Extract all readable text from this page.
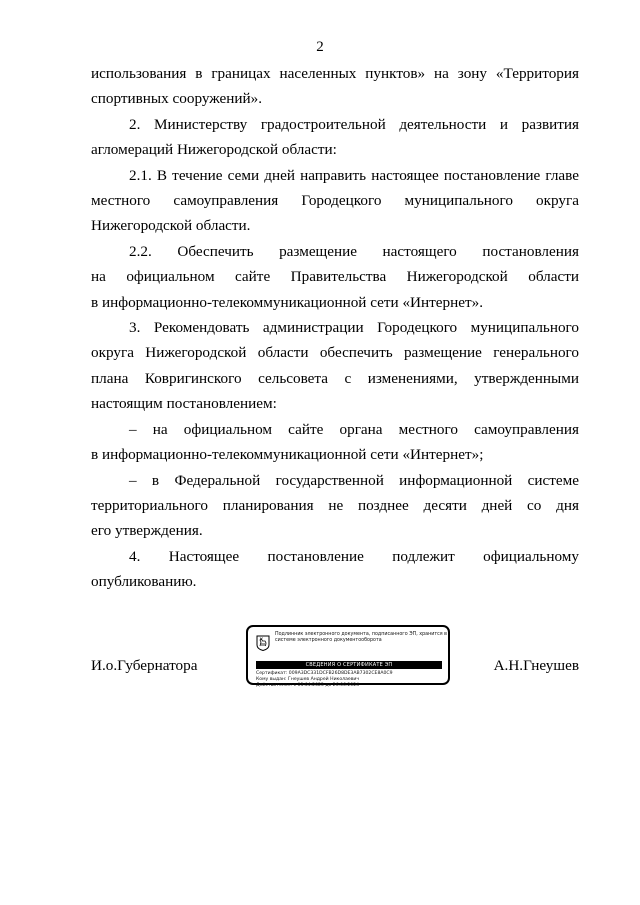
2
использования в границах населенных пунктов» на зону «Территория
спортивных сооружений».
2. Министерству градостроительной деятельности и развития
агломераций Нижегородской области:
2.1. В течение семи дней направить настоящее постановление главе
местного самоуправления Городецкого муниципального округа
Нижегородской области.
2.2. Обеспечить размещение настоящего постановления
на официальном сайте Правительства Нижегородской области
в информационно-телекоммуникационной сети «Интернет».
3. Рекомендовать администрации Городецкого муниципального
округа Нижегородской области обеспечить размещение генерального
плана Ковригинского сельсовета с изменениями, утвержденными
настоящим постановлением:
– на официальном сайте органа местного самоуправления
в информационно-телекоммуникационной сети «Интернет»;
– в Федеральной государственной информационной системе
территориального планирования не позднее десяти дней со дня
его утверждения.
4. Настоящее постановление подлежит официальному
опубликованию.
И.о.Губернатора	А.Н.Гнеушев
Подлинник электронного документа, подписанного ЭП, хранится в системе электронного документооборота
СВЕДЕНИЯ О СЕРТИФИКАТЕ ЭП
Сертификат: 009A3DC331DCFB26D8DE3AB7302CE8A0C9
Кому выдан: Гнеушев Андрей Николаевич
Действителен: с 03.04.2023 до 26.06.2024
